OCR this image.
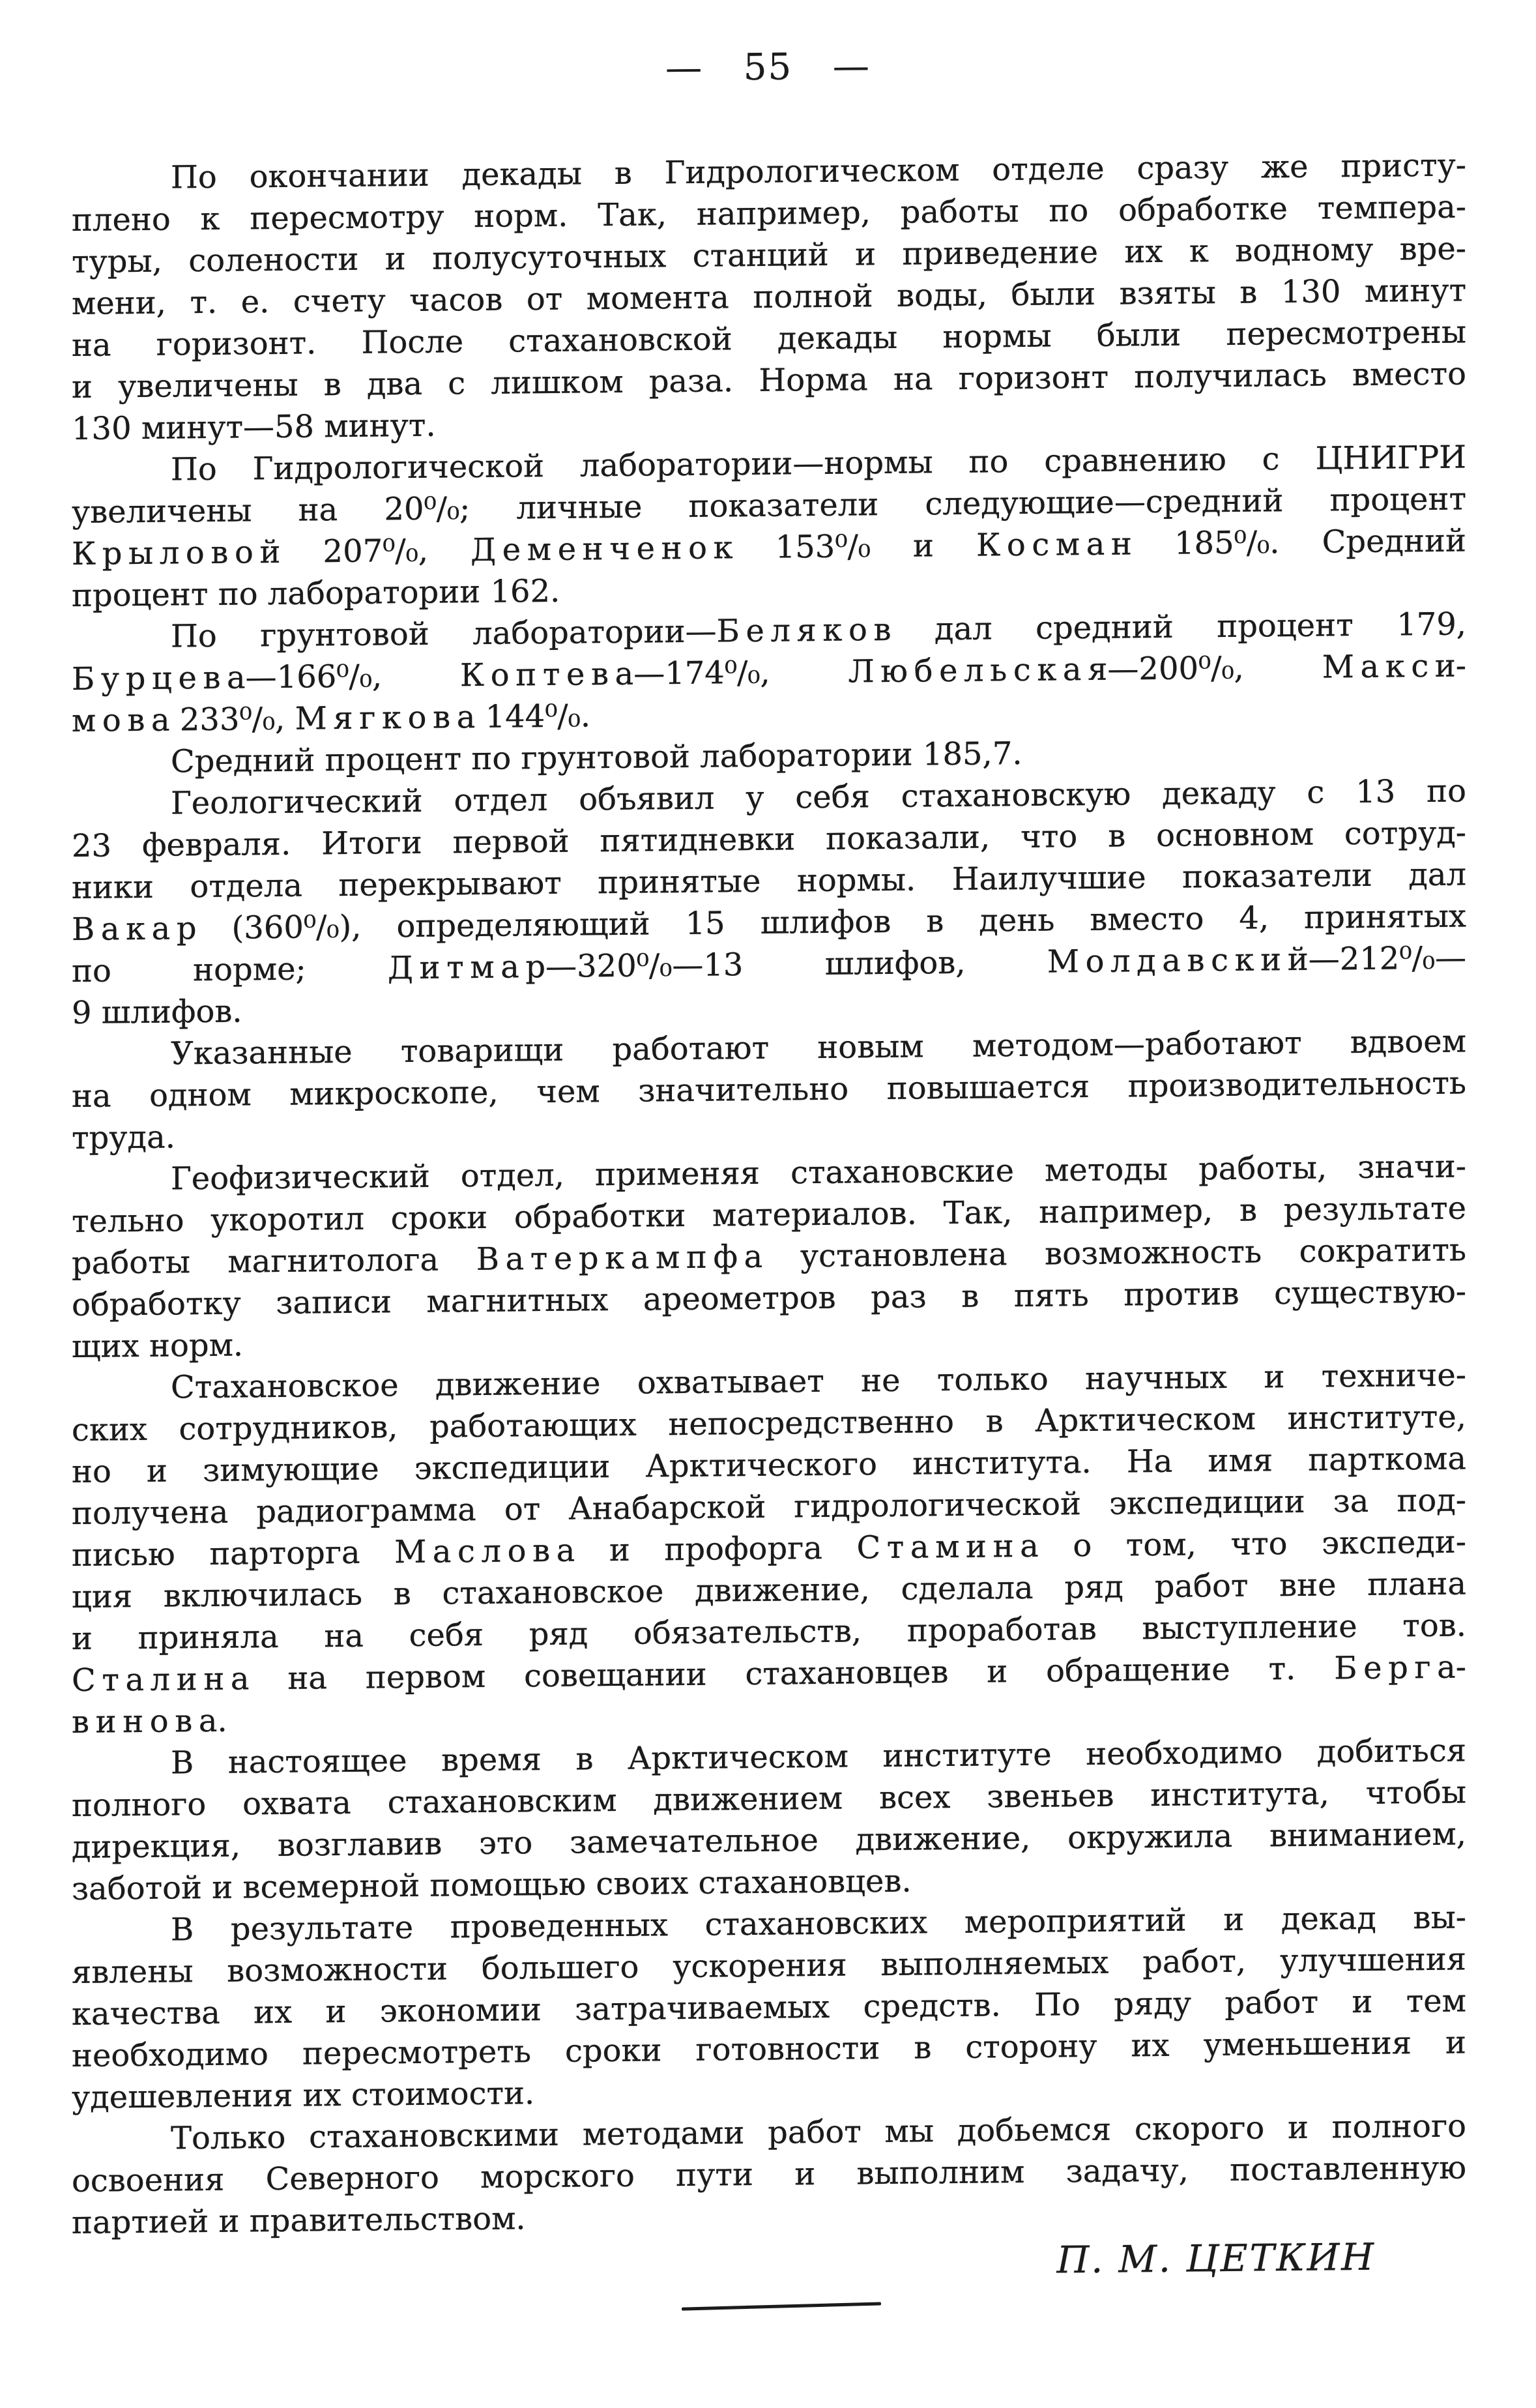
— 55 —
По окончании декады в Гидрологическом отделе сразу же присту-
плено к пересмотру норм. Так, например, работы по обработке темпера-
туры, солености и полусуточных станций и приведение их к водному вре-
мени, т. е. счету часов от момента полной воды, были взяты в 130 минут
на горизонт. После стахановской декады нормы были пересмотрены
и увеличены в два с лишком раза. Норма на горизонт получилась вместо
130 минут—58 минут.
По Гидрологической лаборатории—нормы по сравнению с ЦНИГРИ
увеличены на 20⁰/₀; личные показатели следующие—средний процент
К р ы л о в о й 207⁰/₀, Д е м е н ч е н о к 153⁰/₀ и К о с м а н 185⁰/₀. Средний
процент по лаборатории 162.
По грунтовой лаборатории—Б е л я к о в дал средний процент 179,
Б у р ц е в а—166⁰/₀, К о п т е в а—174⁰/₀, Л ю б е л ь с к а я—200⁰/₀, М а к с и-
м о в а 233⁰/₀, М я г к о в а 144⁰/₀.
Средний процент по грунтовой лаборатории 185,7.
Геологический отдел объявил у себя стахановскую декаду с 13 по
23 февраля. Итоги первой пятидневки показали, что в основном сотруд-
ники отдела перекрывают принятые нормы. Наилучшие показатели дал
В а к а р (360⁰/₀), определяющий 15 шлифов в день вместо 4, принятых
по норме; Д и т м а р—320⁰/₀—13 шлифов, М о л д а в с к и й—212⁰/₀—
9 шлифов.
Указанные товарищи работают новым методом—работают вдвоем
на одном микроскопе, чем значительно повышается производительность
труда.
Геофизический отдел, применяя стахановские методы работы, значи-
тельно укоротил сроки обработки материалов. Так, например, в результате
работы магнитолога В а т е р к а м п ф а установлена возможность сократить
обработку записи магнитных ареометров раз в пять против существую-
щих норм.
Стахановское движение охватывает не только научных и техниче-
ских сотрудников, работающих непосредственно в Арктическом институте,
но и зимующие экспедиции Арктического института. На имя парткома
получена радиограмма от Анабарской гидрологической экспедиции за под-
писью парторга М а с л о в а и профорга С т а м и н а о том, что экспеди-
ция включилась в стахановское движение, сделала ряд работ вне плана
и приняла на себя ряд обязательств, проработав выступление тов.
С т а л и н а на первом совещании стахановцев и обращение т. Б е р г а-
в и н о в а.
В настоящее время в Арктическом институте необходимо добиться
полного охвата стахановским движением всех звеньев института, чтобы
дирекция, возглавив это замечательное движение, окружила вниманием,
заботой и всемерной помощью своих стахановцев.
В результате проведенных стахановских мероприятий и декад вы-
явлены возможности большего ускорения выполняемых работ, улучшения
качества их и экономии затрачиваемых средств. По ряду работ и тем
необходимо пересмотреть сроки готовности в сторону их уменьшения и
удешевления их стоимости.
Только стахановскими методами работ мы добьемся скорого и полного
освоения Северного морского пути и выполним задачу, поставленную
партией и правительством.
П. М. ЦЕТКИН
